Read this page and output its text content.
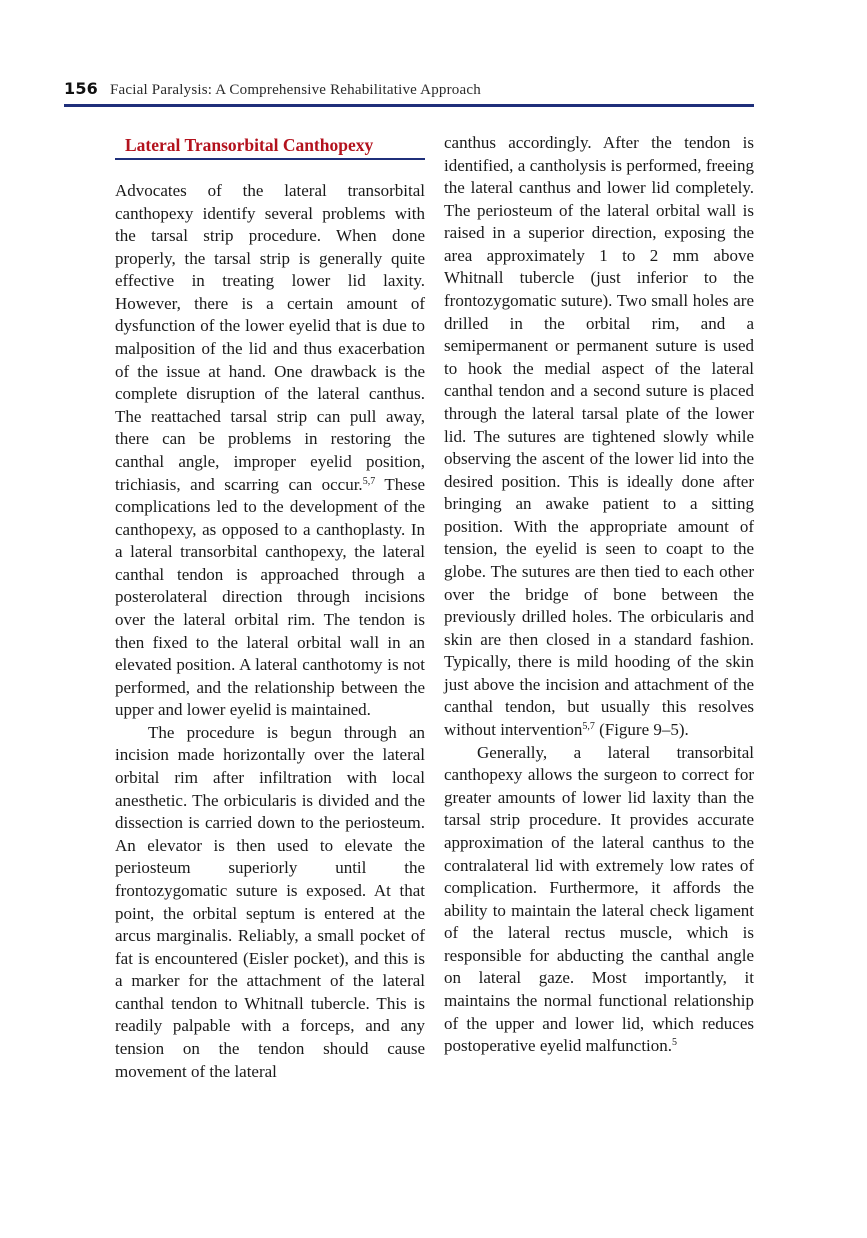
156 Facial Paralysis: A Comprehensive Rehabilitative Approach
Lateral Transorbital Canthopexy

Advocates of the lateral transorbital canthopexy identify several problems with the tarsal strip procedure. When done properly, the tarsal strip is generally quite effective in treating lower lid laxity. However, there is a certain amount of dysfunction of the lower eyelid that is due to malposition of the lid and thus exacerbation of the issue at hand. One drawback is the complete disruption of the lateral canthus. The reattached tarsal strip can pull away, there can be problems in restoring the canthal angle, improper eyelid position, trichiasis, and scarring can occur.$^{5,7}$ These complications led to the development of the canthopexy, as opposed to a canthoplasty. In a lateral transorbital canthopexy, the lateral canthal tendon is approached through a posterolateral direction through incisions over the lateral orbital rim. The tendon is then fixed to the lateral orbital wall in an elevated position. A lateral canthotomy is not performed, and the relationship between the upper and lower eyelid is maintained.

The procedure is begun through an incision made horizontally over the lateral orbital rim after infiltration with local anesthetic. The orbicularis is divided and the dissection is carried down to the periosteum. An elevator is then used to elevate the periosteum superiorly until the frontozygomatic suture is exposed. At that point, the orbital septum is entered at the arcus marginalis. Reliably, a small pocket of fat is encountered (Eisler pocket), and this is a marker for the attachment of the lateral canthal tendon to Whitnall tubercle. This is readily palpable with a forceps, and any tension on the tendon should cause movement of the lateral

canthus accordingly. After the tendon is identified, a cantholysis is performed, freeing the lateral canthus and lower lid completely. The periosteum of the lateral orbital wall is raised in a superior direction, exposing the area approximately 1 to 2 mm above Whitnall tubercle (just inferior to the frontozygomatic suture). Two small holes are drilled in the orbital rim, and a semipermanent or permanent suture is used to hook the medial aspect of the lateral canthal tendon and a second suture is placed through the lateral tarsal plate of the lower lid. The sutures are tightened slowly while observing the ascent of the lower lid into the desired position. This is ideally done after bringing an awake patient to a sitting position. With the appropriate amount of tension, the eyelid is seen to coapt to the globe. The sutures are then tied to each other over the bridge of bone between the previously drilled holes. The orbicularis and skin are then closed in a standard fashion. Typically, there is mild hooding of the skin just above the incision and attachment of the canthal tendon, but usually this resolves without intervention$^{5,7}$ (Figure 9–5).

Generally, a lateral transorbital canthopexy allows the surgeon to correct for greater amounts of lower lid laxity than the tarsal strip procedure. It provides accurate approximation of the lateral canthus to the contralateral lid with extremely low rates of complication. Furthermore, it affords the ability to maintain the lateral check ligament of the lateral rectus muscle, which is responsible for abducting the canthal angle on lateral gaze. Most importantly, it maintains the normal functional relationship of the upper and lower lid, which reduces postoperative eyelid malfunction.$^5$
